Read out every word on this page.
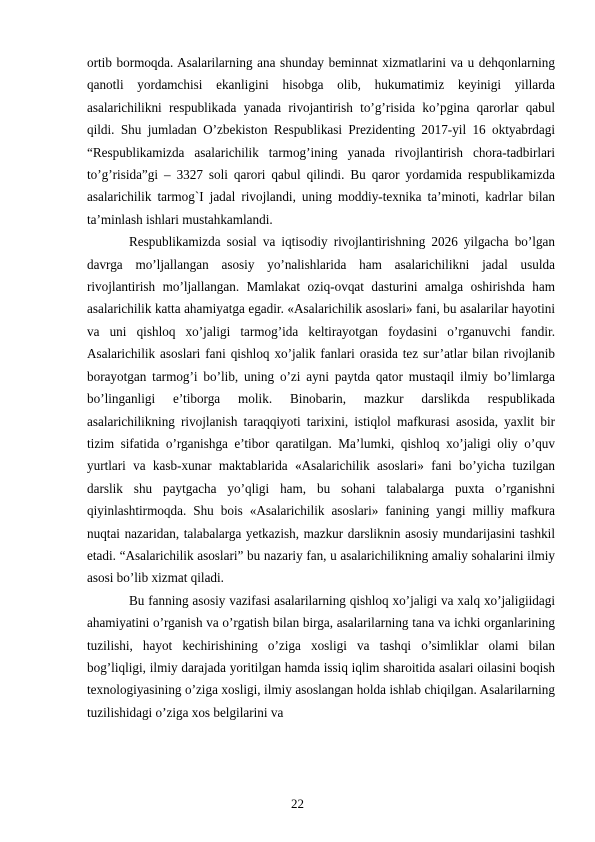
ortib bormoqda. Asalarilarning ana shunday beminnat xizmatlarini va u dehqonlarning qanotli yordamchisi ekanligini hisobga olib, hukumatimiz keyinigi yillarda asalarichilikni respublikada yanada rivojantirish to’g’risida ko’pgina qarorlar qabul qildi. Shu jumladan O’zbekiston Respublikasi Prezidenting 2017-yil 16 oktyabrdagi “Respublikamizda asalarichilik tarmog’ining yanada rivojlantirish chora-tadbirlari to’g’risida”gi – 3327 soli qarori qabul qilindi. Bu qaror yordamida respublikamizda asalarichilik tarmog`I jadal rivojlandi, uning moddiy-texnika ta’minoti, kadrlar bilan ta’minlash ishlari mustahkamlandi.

Respublikamizda sosial va iqtisodiy rivojlantirishning 2026 yilgacha bo’lgan davrga mo’ljallangan asosiy yo’nalishlarida ham asalarichilikni jadal usulda rivojlantirish mo’ljallangan. Mamlakat oziq-ovqat dasturini amalga oshirishda ham asalarichilik katta ahamiyatga egadir. «Asalarichilik asoslari» fani, bu asalarilar hayotini va uni qishloq xo’jaligi tarmog’ida keltirayotgan foydasini o’rganuvchi fandir. Asalarichilik asoslari fani qishloq xo’jalik fanlari orasida tez sur’atlar bilan rivojlanib borayotgan tarmog’i bo’lib, uning o’zi ayni paytda qator mustaqil ilmiy bo’limlarga bo’linganligi e’tiborga molik. Binobarin, mazkur darslikda respublikada asalarichilikning rivojlanish taraqqiyoti tarixini, istiqlol mafkurasi asosida, yaxlit bir tizim sifatida o’rganishga e’tibor qaratilgan. Ma’lumki, qishloq xo’jaligi oliy o’quv yurtlari va kasb-xunar maktablarida «Asalarichilik asoslari» fani bo’yicha tuzilgan darslik shu paytgacha yo’qligi ham, bu sohani talabalarga puxta o’rganishni qiyinlashtirmoqda. Shu bois «Asalarichilik asoslari» fanining yangi milliy mafkura nuqtai nazaridan, talabalarga yetkazish, mazkur darsliknin asosiy mundarijasini tashkil etadi. “Asalarichilik asoslari” bu nazariy fan, u asalarichilikning amaliy sohalarini ilmiy asosi bo’lib xizmat qiladi.

Bu fanning asosiy vazifasi asalarilarning qishloq xo’jaligi va xalq xo’jaligiidagi ahamiyatini o’rganish va o’rgatish bilan birga, asalarilarning tana va ichki organlarining tuzilishi, hayot kechirishining o’ziga xosligi va tashqi o’simliklar olami bilan bog’liqligi, ilmiy darajada yoritilgan hamda issiq iqlim sharoitida asalari oilasini boqish texnologiyasining o’ziga xosligi, ilmiy asoslangan holda ishlab chiqilgan. Asalarilarning tuzilishidagi o’ziga xos belgilarini va

22
